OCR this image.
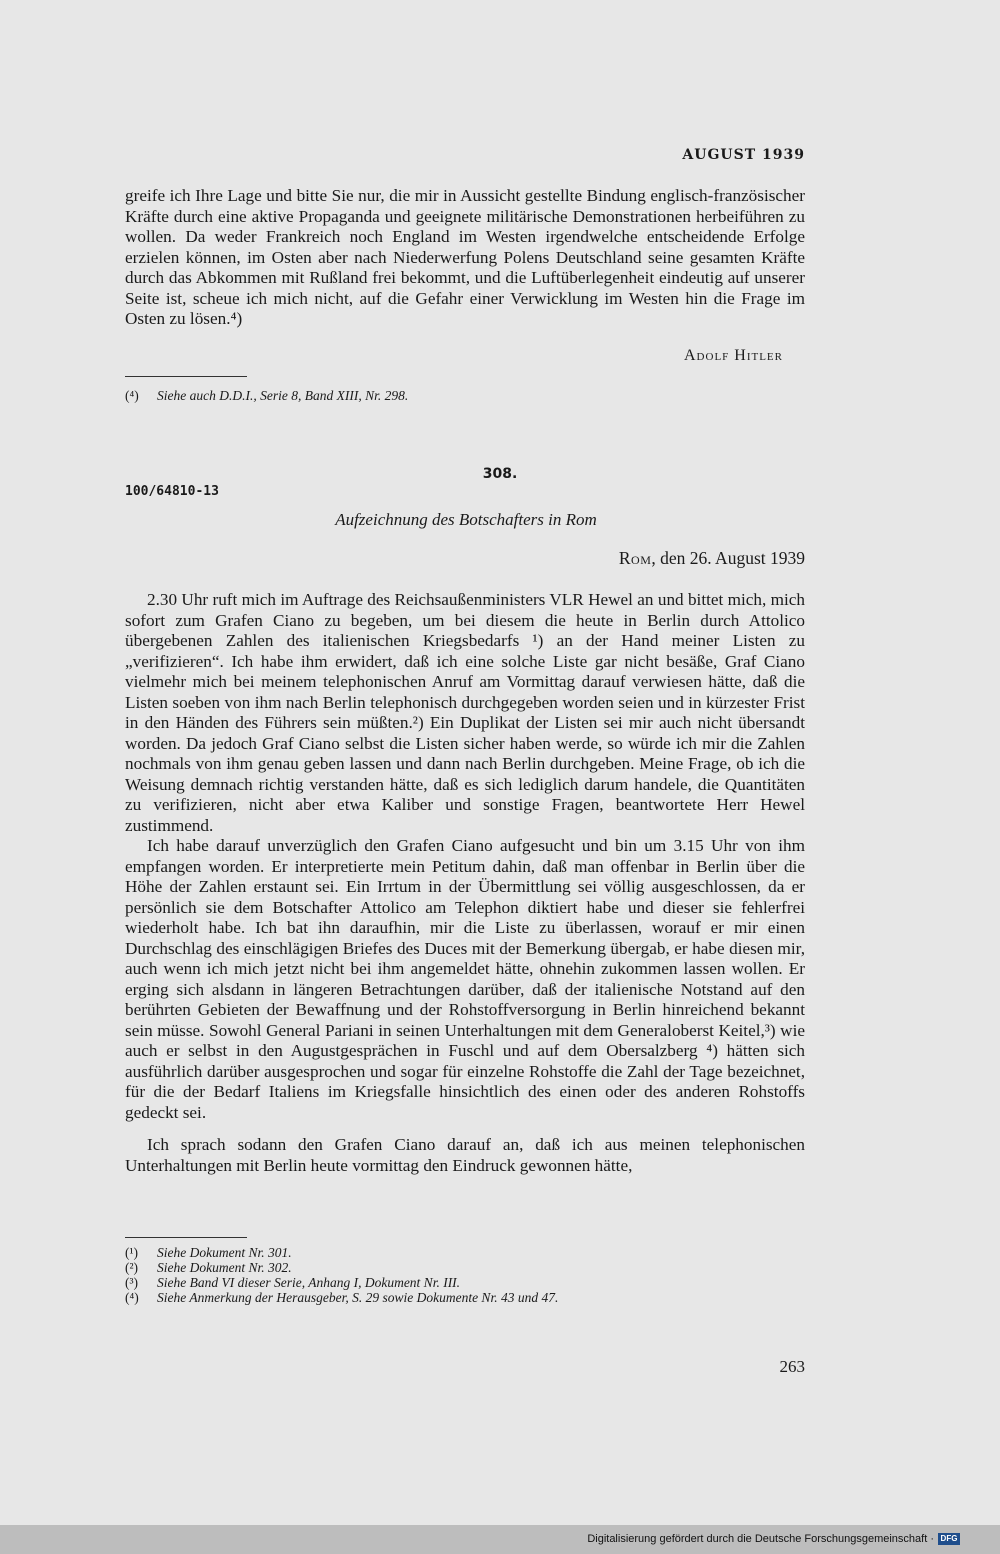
AUGUST 1939

greife ich Ihre Lage und bitte Sie nur, die mir in Aussicht gestellte Bindung englisch-französischer Kräfte durch eine aktive Propaganda und geeignete militärische Demonstrationen herbeiführen zu wollen. Da weder Frankreich noch England im Westen irgendwelche entscheidende Erfolge erzielen können, im Osten aber nach Niederwerfung Polens Deutschland seine gesamten Kräfte durch das Abkommen mit Rußland frei bekommt, und die Luftüberlegenheit eindeutig auf unserer Seite ist, scheue ich mich nicht, auf die Gefahr einer Verwicklung im Westen hin die Frage im Osten zu lösen.⁴)

Adolf Hitler
(⁴) Siehe auch D.D.I., Serie 8, Band XIII, Nr. 298.
308.
100/64810-13
Aufzeichnung des Botschafters in Rom
Rom, den 26. August 1939

2.30 Uhr ruft mich im Auftrage des Reichsaußenministers VLR Hewel an und bittet mich, mich sofort zum Grafen Ciano zu begeben, um bei diesem die heute in Berlin durch Attolico übergebenen Zahlen des italienischen Kriegsbedarfs ¹) an der Hand meiner Listen zu „verifizieren“. Ich habe ihm erwidert, daß ich eine solche Liste gar nicht besäße, Graf Ciano vielmehr mich bei meinem telephonischen Anruf am Vormittag darauf verwiesen hätte, daß die Listen soeben von ihm nach Berlin telephonisch durchgegeben worden seien und in kürzester Frist in den Händen des Führers sein müßten.²) Ein Duplikat der Listen sei mir auch nicht übersandt worden. Da jedoch Graf Ciano selbst die Listen sicher haben werde, so würde ich mir die Zahlen nochmals von ihm genau geben lassen und dann nach Berlin durchgeben. Meine Frage, ob ich die Weisung demnach richtig verstanden hätte, daß es sich lediglich darum handele, die Quantitäten zu verifizieren, nicht aber etwa Kaliber und sonstige Fragen, beantwortete Herr Hewel zustimmend.

Ich habe darauf unverzüglich den Grafen Ciano aufgesucht und bin um 3.15 Uhr von ihm empfangen worden. Er interpretierte mein Petitum dahin, daß man offenbar in Berlin über die Höhe der Zahlen erstaunt sei. Ein Irrtum in der Übermittlung sei völlig ausgeschlossen, da er persönlich sie dem Botschafter Attolico am Telephon diktiert habe und dieser sie fehlerfrei wiederholt habe. Ich bat ihn daraufhin, mir die Liste zu überlassen, worauf er mir einen Durchschlag des einschlägigen Briefes des Duces mit der Bemerkung übergab, er habe diesen mir, auch wenn ich mich jetzt nicht bei ihm angemeldet hätte, ohnehin zukommen lassen wollen. Er erging sich alsdann in längeren Betrachtungen darüber, daß der italienische Notstand auf den berührten Gebieten der Bewaffnung und der Rohstoffversorgung in Berlin hinreichend bekannt sein müsse. Sowohl General Pariani in seinen Unterhaltungen mit dem Generaloberst Keitel,³) wie auch er selbst in den Augustgesprächen in Fuschl und auf dem Obersalzberg ⁴) hätten sich ausführlich darüber ausgesprochen und sogar für einzelne Rohstoffe die Zahl der Tage bezeichnet, für die der Bedarf Italiens im Kriegsfalle hinsichtlich des einen oder des anderen Rohstoffs gedeckt sei.

Ich sprach sodann den Grafen Ciano darauf an, daß ich aus meinen telephonischen Unterhaltungen mit Berlin heute vormittag den Eindruck gewonnen hätte,

(¹) Siehe Dokument Nr. 301.
(²) Siehe Dokument Nr. 302.
(³) Siehe Band VI dieser Serie, Anhang I, Dokument Nr. III.
(⁴) Siehe Anmerkung der Herausgeber, S. 29 sowie Dokumente Nr. 43 und 47.
263
Digitalisierung gefördert durch die Deutsche Forschungsgemeinschaft · DFG
